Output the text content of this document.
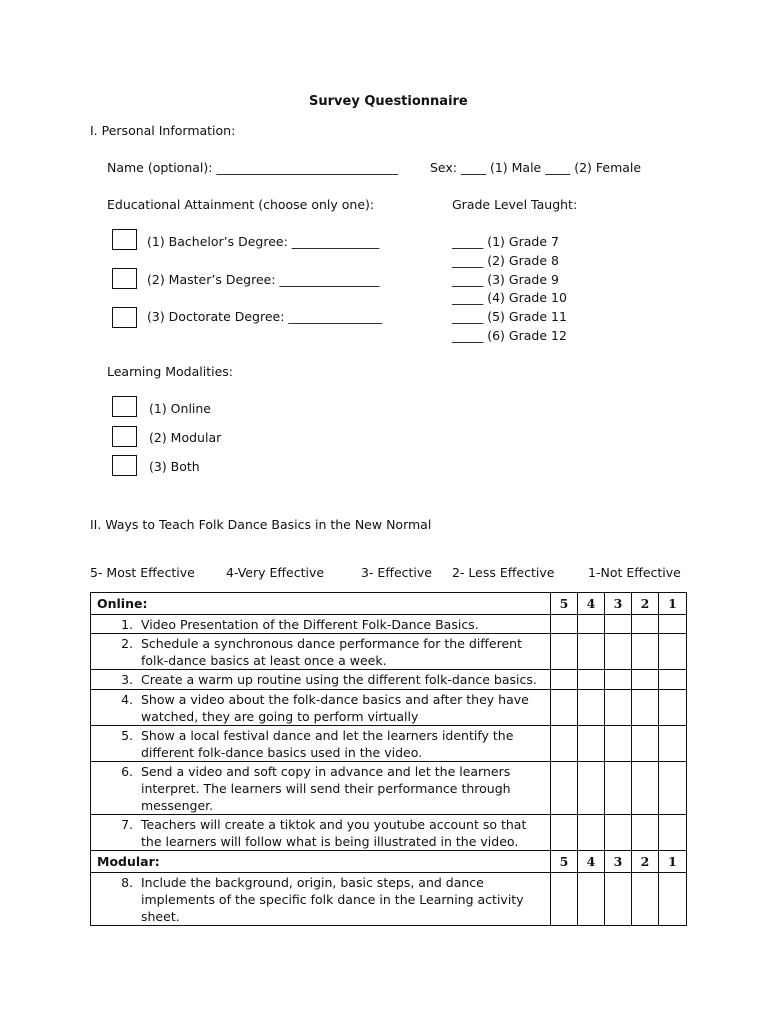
Survey Questionnaire
I. Personal Information:
Name (optional): _____________________________	Sex: ____ (1) Male ____ (2) Female
Educational Attainment (choose only one):	Grade Level Taught:
(1) Bachelor’s Degree: ______________
(2) Master’s Degree: ________________
(3) Doctorate Degree: _______________
_____ (1) Grade 7
_____ (2) Grade 8
_____ (3) Grade 9
_____ (4) Grade 10
_____ (5) Grade 11
_____ (6) Grade 12
Learning Modalities:
(1) Online
(2) Modular
(3) Both
II. Ways to Teach Folk Dance Basics in the New Normal
5- Most Effective 4-Very Effective	3- Effective 2- Less Effective	1-Not Effective
Online:	5	4	3	2	1

1. Video Presentation of the Different Folk-Dance Basics.					

2. Schedule a synchronous dance performance for the different folk-dance basics at least once a week.					

3. Create a warm up routine using the different folk-dance basics.					

4. Show a video about the folk-dance basics and after they have watched, they are going to perform virtually					

5. Show a local festival dance and let the learners identify the different folk-dance basics used in the video.					

6. Send a video and soft copy in advance and let the learners interpret. The learners will send their performance through messenger.					

7. Teachers will create a tiktok and you youtube account so that the learners will follow what is being illustrated in the video.					

Modular:	5	4	3	2	1

8. Include the background, origin, basic steps, and dance implements of the specific folk dance in the Learning activity sheet.					
